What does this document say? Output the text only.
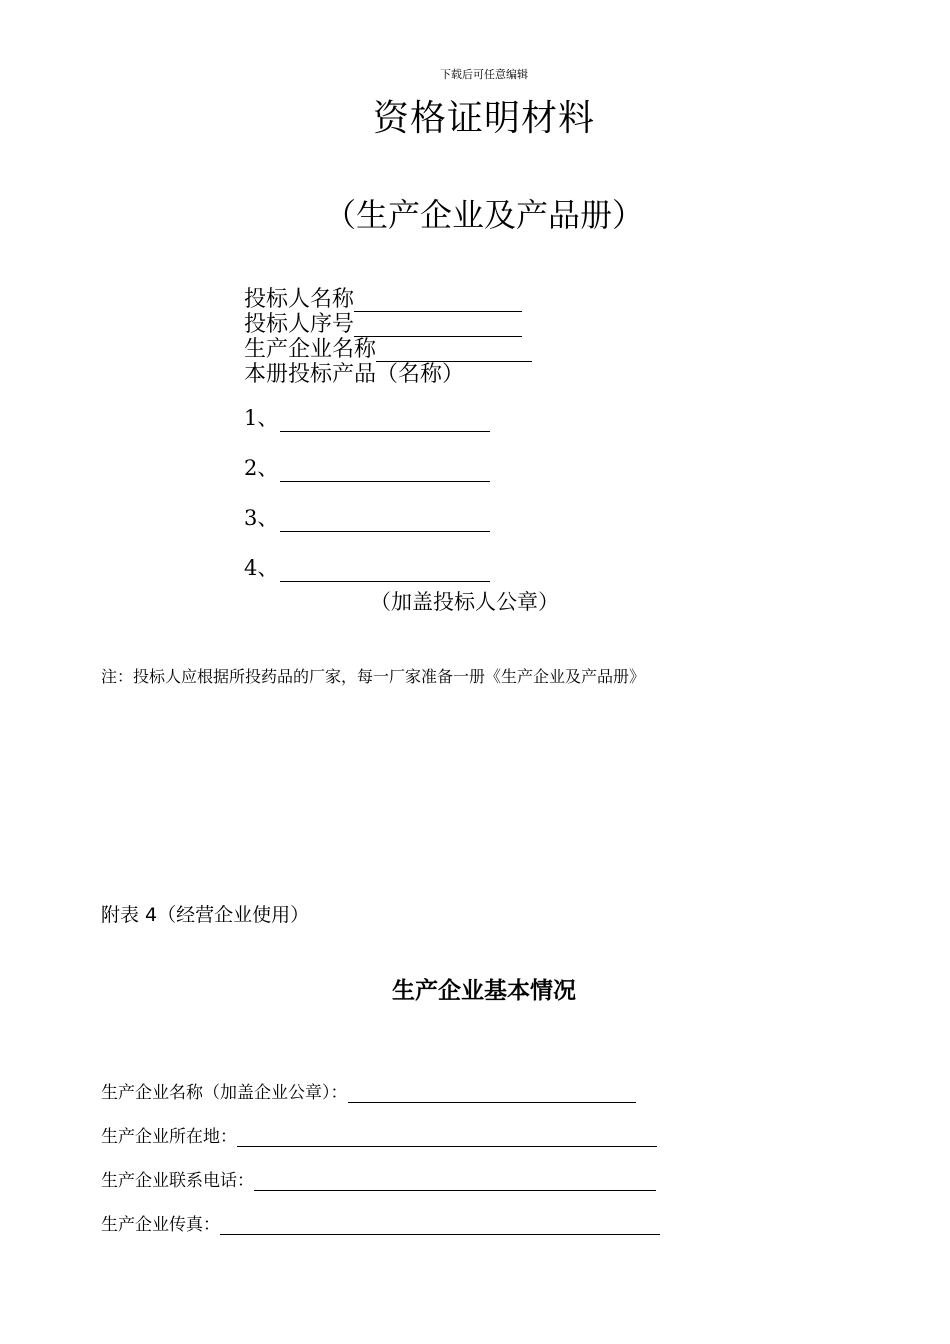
下载后可任意编辑
资格证明材料
（生产企业及产品册）
投标人名称
投标人序号
生产企业名称
本册投标产品（名称）
1、
2、
3、
4、
（加盖投标人公章）
注：投标人应根据所投药品的厂家，每一厂家准备一册《生产企业及产品册》
附表 4（经营企业使用）
生产企业基本情况
生产企业名称（加盖企业公章）：
生产企业所在地：
生产企业联系电话：
生产企业传真：
